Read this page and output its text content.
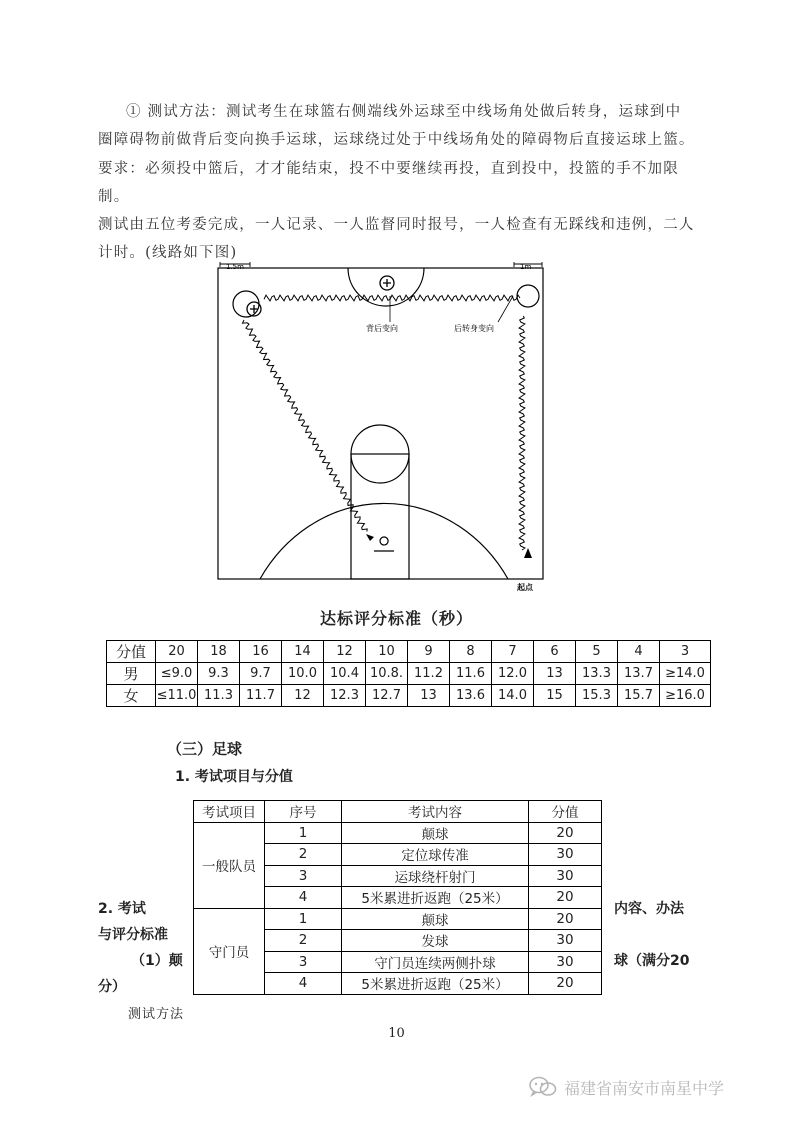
① 测试方法：测试考生在球篮右侧端线外运球至中线场角处做后转身，运球到中

圈障碍物前做背后变向换手运球，运球绕过处于中线场角处的障碍物后直接运球上篮。

要求：必须投中篮后，才才能结束，投不中要继续再投，直到投中，投篮的手不加限制。

测试由五位考委完成，一人记录、一人监督同时报号，一人检查有无踩线和违例，二人

计时。(线路如下图)

1.5m	1m
背后变向	后转身变向
起点
达标评分标准（秒）
分值	20	18	16	14	12	10	9	8	7	6	5	4	3
男	≤9.0	9.3	9.7	10.0	10.4	10.8.	11.2	11.6	12.0	13	13.3	13.7	≥14.0
女	≤11.0	11.3	11.7	12	12.3	12.7	13	13.6	14.0	15	15.3	15.7	≥16.0
（三）足球
1. 考试项目与分值
考试项目	序号	考试内容	分值
一般队员	1	颠球	20
	2	定位球传准	30
	3	运球绕杆射门	30
	4	5米累进折返跑（25米）	20
守门员	1	颠球	20
	2	发球	30
	3	守门员连续两侧扑球	30
	4	5米累进折返跑（25米）	20
2. 考试
与评分标准
（1）颠
分）
内容、办法
球（满分20
测试方法
10
福建省南安市南星中学
